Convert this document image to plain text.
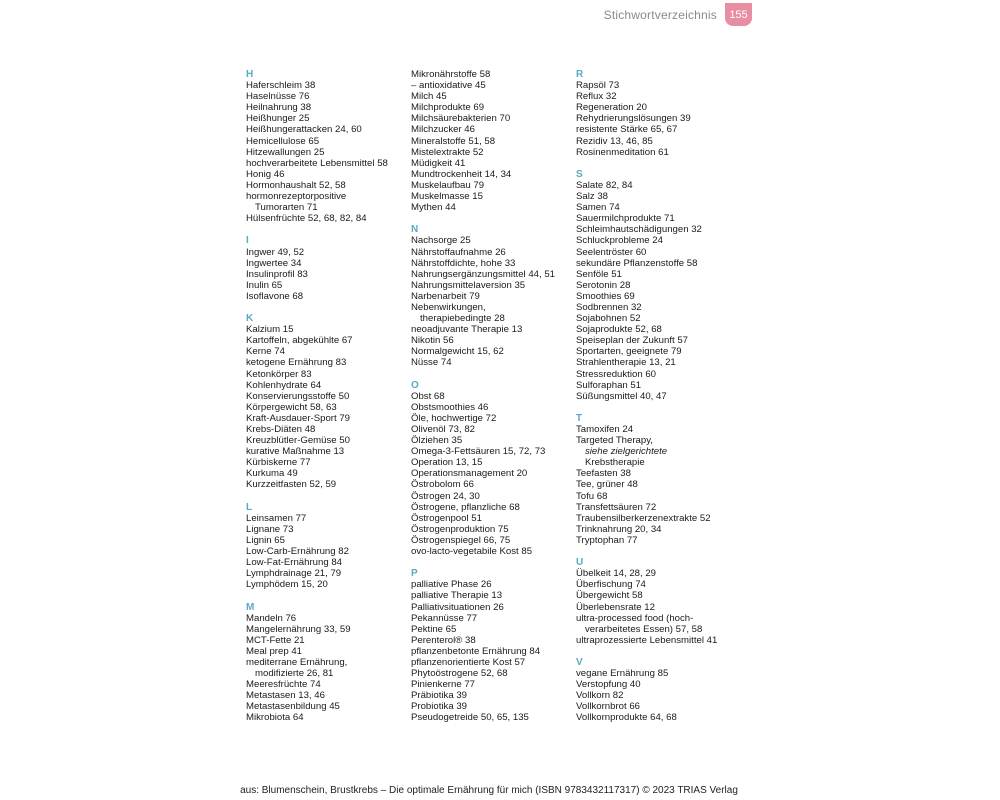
Stichwortverzeichnis	155
H
Haferschleim 38
Haselnüsse 76
Heilnahrung 38
Heißhunger 25
Heißhungerattacken 24, 60
Hemicellulose 65
Hitzewallungen 25
hochverarbeitete Lebensmittel 58
Honig 46
Hormonhaushalt 52, 58
hormonrezeptorpositive
Tumorarten 71
Hülsenfrüchte 52, 68, 82, 84
I
Ingwer 49, 52
Ingwertee 34
Insulinprofil 83
Inulin 65
Isoflavone 68
K
Kalzium 15
Kartoffeln, abgekühlte 67
Kerne 74
ketogene Ernährung 83
Ketonkörper 83
Kohlenhydrate 64
Konservierungsstoffe 50
Körpergewicht 58, 63
Kraft-Ausdauer-Sport 79
Krebs-Diäten 48
Kreuzblütler-Gemüse 50
kurative Maßnahme 13
Kürbiskerne 77
Kurkuma 49
Kurzzeitfasten 52, 59
L
Leinsamen 77
Lignane 73
Lignin 65
Low-Carb-Ernährung 82
Low-Fat-Ernährung 84
Lymphdrainage 21, 79
Lymphödem 15, 20
M
Mandeln 76
Mangelernährung 33, 59
MCT-Fette 21
Meal prep 41
mediterrane Ernährung,
modifizierte 26, 81
Meeresfrüchte 74
Metastasen 13, 46
Metastasenbildung 45
Mikrobiota 64
Mikronährstoffe 58
– antioxidative 45
Milch 45
Milchprodukte 69
Milchsäurebakterien 70
Milchzucker 46
Mineralstoffe 51, 58
Mistelextrakte 52
Müdigkeit 41
Mundtrockenheit 14, 34
Muskelaufbau 79
Muskelmasse 15
Mythen 44
N
Nachsorge 25
Nährstoffaufnahme 26
Nährstoffdichte, hohe 33
Nahrungsergänzungsmittel 44, 51
Nahrungsmittelaversion 35
Narbenarbeit 79
Nebenwirkungen,
therapiebedingte 28
neoadjuvante Therapie 13
Nikotin 56
Normalgewicht 15, 62
Nüsse 74
O
Obst 68
Obstsmoothies 46
Öle, hochwertige 72
Olivenöl 73, 82
Ölziehen 35
Omega-3-Fettsäuren 15, 72, 73
Operation 13, 15
Operationsmanagement 20
Östrobolom 66
Östrogen 24, 30
Östrogene, pflanzliche 68
Östrogenpool 51
Östrogenproduktion 75
Östrogenspiegel 66, 75
ovo-lacto-vegetabile Kost 85
P
palliative Phase 26
palliative Therapie 13
Palliativsituationen 26
Pekannüsse 77
Pektine 65
Perenterol® 38
pflanzenbetonte Ernährung 84
pflanzenorientierte Kost 57
Phytoöstrogene 52, 68
Pinienkerne 77
Präbiotika 39
Probiotika 39
Pseudogetreide 50, 65, 135
R
Rapsöl 73
Reflux 32
Regeneration 20
Rehydrierungslösungen 39
resistente Stärke 65, 67
Rezidiv 13, 46, 85
Rosinenmeditation 61
S
Salate 82, 84
Salz 38
Samen 74
Sauermilchprodukte 71
Schleimhautschädigungen 32
Schluckprobleme 24
Seelentröster 60
sekundäre Pflanzenstoffe 58
Senföle 51
Serotonin 28
Smoothies 69
Sodbrennen 32
Sojabohnen 52
Sojaprodukte 52, 68
Speiseplan der Zukunft 57
Sportarten, geeignete 79
Strahlentherapie 13, 21
Stressreduktion 60
Sulforaphan 51
Süßungsmittel 40, 47
T
Tamoxifen 24
Targeted Therapy,
siehe zielgerichtete
Krebstherapie
Teefasten 38
Tee, grüner 48
Tofu 68
Transfettsäuren 72
Traubensilberkerzenextrakte 52
Trinknahrung 20, 34
Tryptophan 77
U
Übelkeit 14, 28, 29
Überfischung 74
Übergewicht 58
Überlebensrate 12
ultra-processed food (hoch-
verarbeitetes Essen) 57, 58
ultraprozessierte Lebensmittel 41
V
vegane Ernährung 85
Verstopfung 40
Vollkorn 82
Vollkornbrot 66
Vollkornprodukte 64, 68
aus: Blumenschein, Brustkrebs – Die optimale Ernährung für mich (ISBN 9783432117317) © 2023 TRIAS Verlag
